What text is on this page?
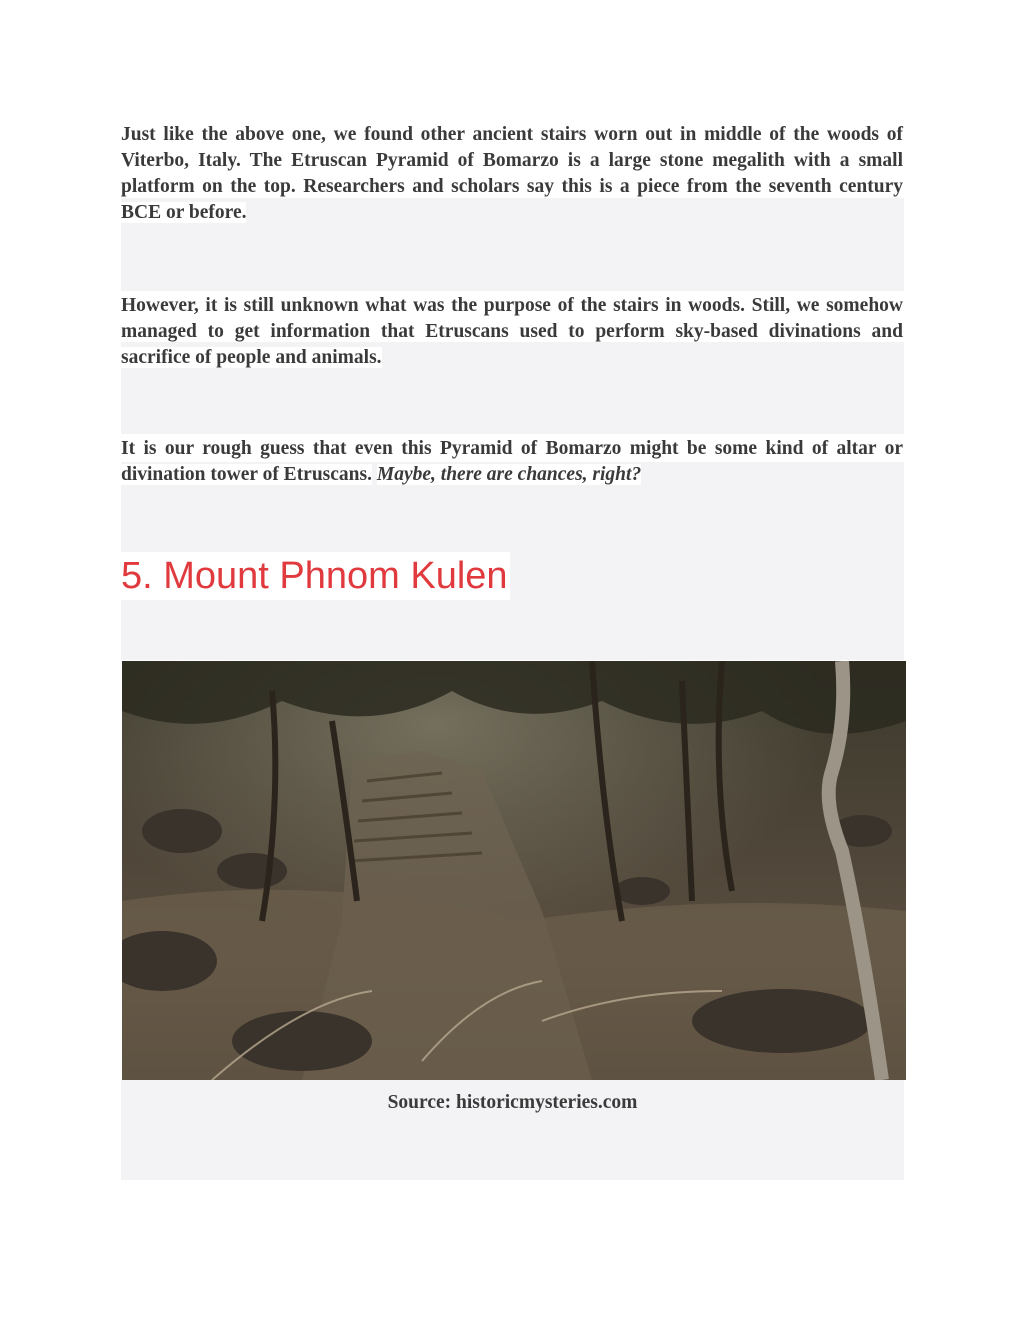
Just like the above one, we found other ancient stairs worn out in middle of the woods of Viterbo, Italy. The Etruscan Pyramid of Bomarzo is a large stone megalith with a small platform on the top. Researchers and scholars say this is a piece from the seventh century BCE or before.

However, it is still unknown what was the purpose of the stairs in woods. Still, we somehow managed to get information that Etruscans used to perform sky-based divinations and sacrifice of people and animals.

It is our rough guess that even this Pyramid of Bomarzo might be some kind of altar or divination tower of Etruscans. Maybe, there are chances, right?

5. Mount Phnom Kulen

Source: historicmysteries.com
